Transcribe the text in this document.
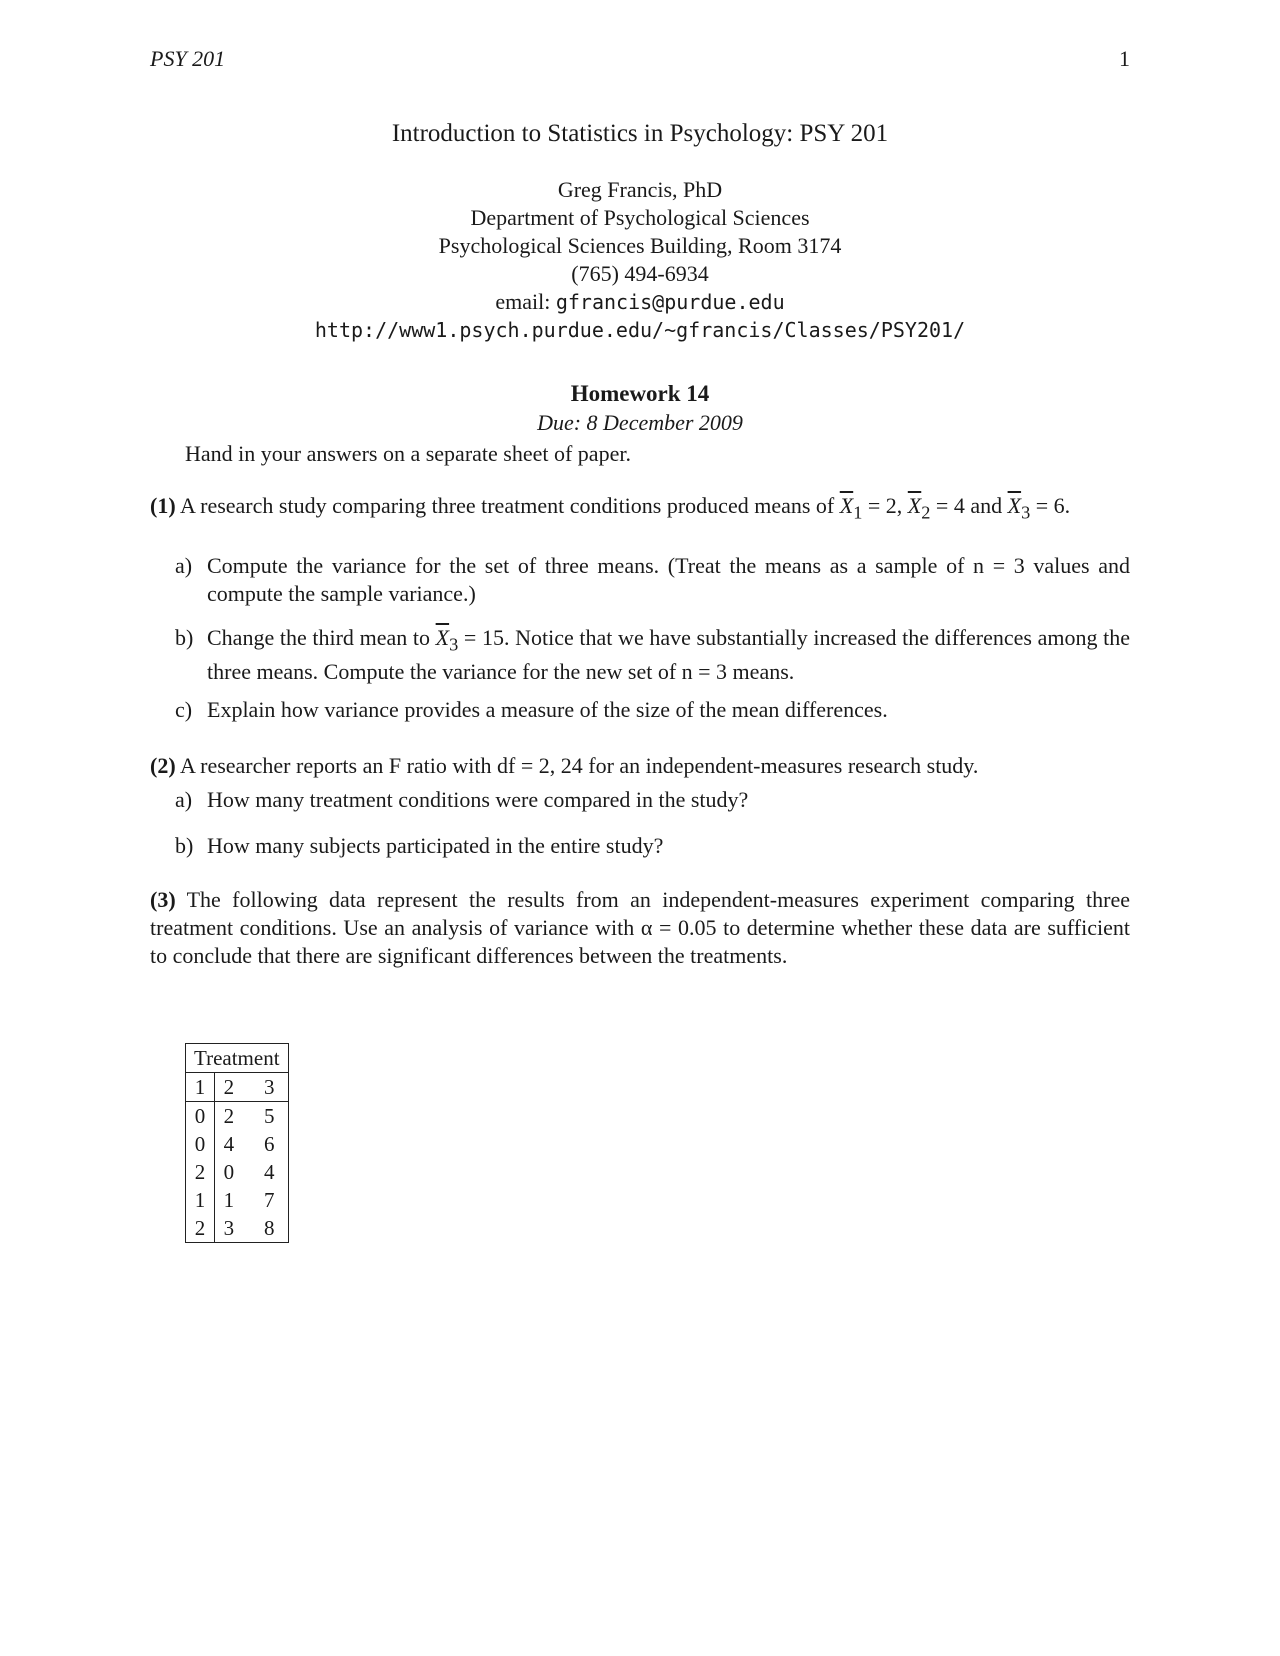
PSY 201	1
Introduction to Statistics in Psychology: PSY 201
Greg Francis, PhD
Department of Psychological Sciences
Psychological Sciences Building, Room 3174
(765) 494-6934
email: gfrancis@purdue.edu
http://www1.psych.purdue.edu/~gfrancis/Classes/PSY201/
Homework 14
Due: 8 December 2009
Hand in your answers on a separate sheet of paper.
(1) A research study comparing three treatment conditions produced means of $\overline{X}_1 = 2$, $\overline{X}_2 = 4$ and $\overline{X}_3 = 6$.
a) Compute the variance for the set of three means. (Treat the means as a sample of n = 3 values and compute the sample variance.)
b) Change the third mean to $\overline{X}_3 = 15$. Notice that we have substantially increased the differences among the three means. Compute the variance for the new set of n = 3 means.
c) Explain how variance provides a measure of the size of the mean differences.
(2) A researcher reports an F ratio with df = 2, 24 for an independent-measures research study.
a) How many treatment conditions were compared in the study?
b) How many subjects participated in the entire study?
(3) The following data represent the results from an independent-measures experiment comparing three treatment conditions. Use an analysis of variance with α = 0.05 to determine whether these data are sufficient to conclude that there are significant differences between the treatments.
Treatment		
1	2	3
0	2	5
0	4	6
2	0	4
1	1	7
2	3	8
